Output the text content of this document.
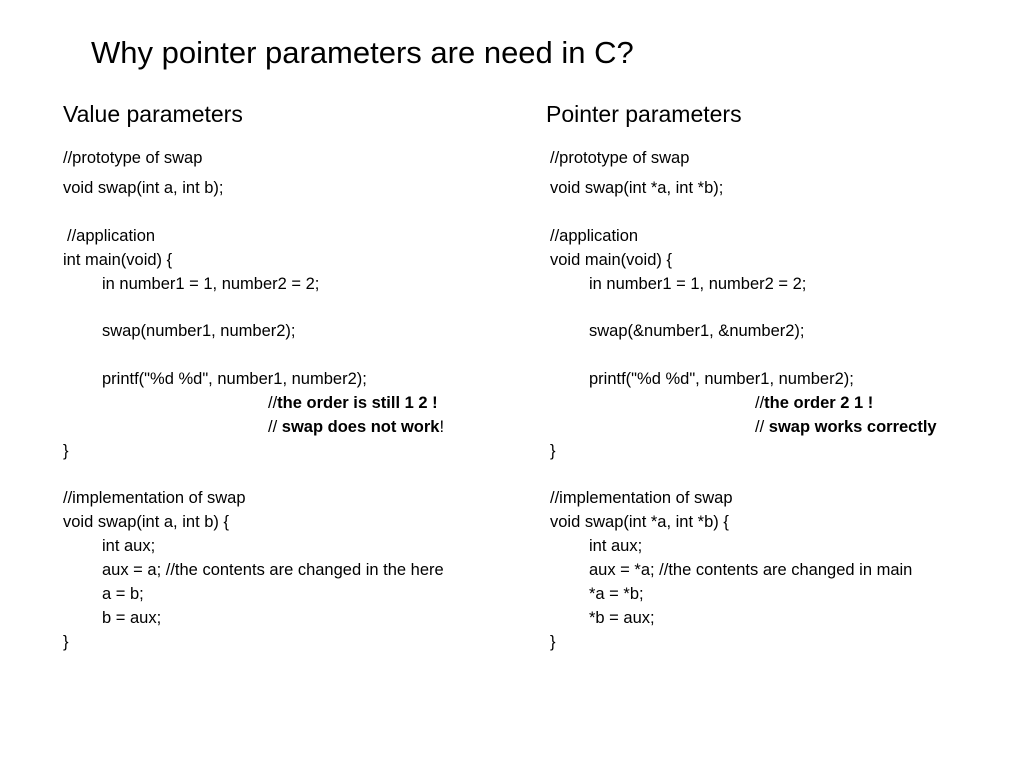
Why pointer parameters are need in C?
Value parameters
//prototype of swap
void swap(int a, int b);
//application
int main(void) {
in number1 = 1, number2 = 2;
swap(number1, number2);
printf("%d %d", number1, number2);
//the order is still 1 2 !
// swap does not work!
}
//implementation of swap
void swap(int a, int b) {
int aux;
aux = a; //the contents are changed in the here
a = b;
b = aux;
}
Pointer parameters
//prototype of swap
void swap(int *a, int *b);
//application
void main(void) {
in number1 = 1, number2 = 2;
swap(&number1, &number2);
printf("%d %d", number1, number2);
//the order 2 1 !
// swap works correctly
}
//implementation of swap
void swap(int *a, int *b) {
int aux;
aux = *a; //the contents are changed in main
*a = *b;
*b = aux;
}
